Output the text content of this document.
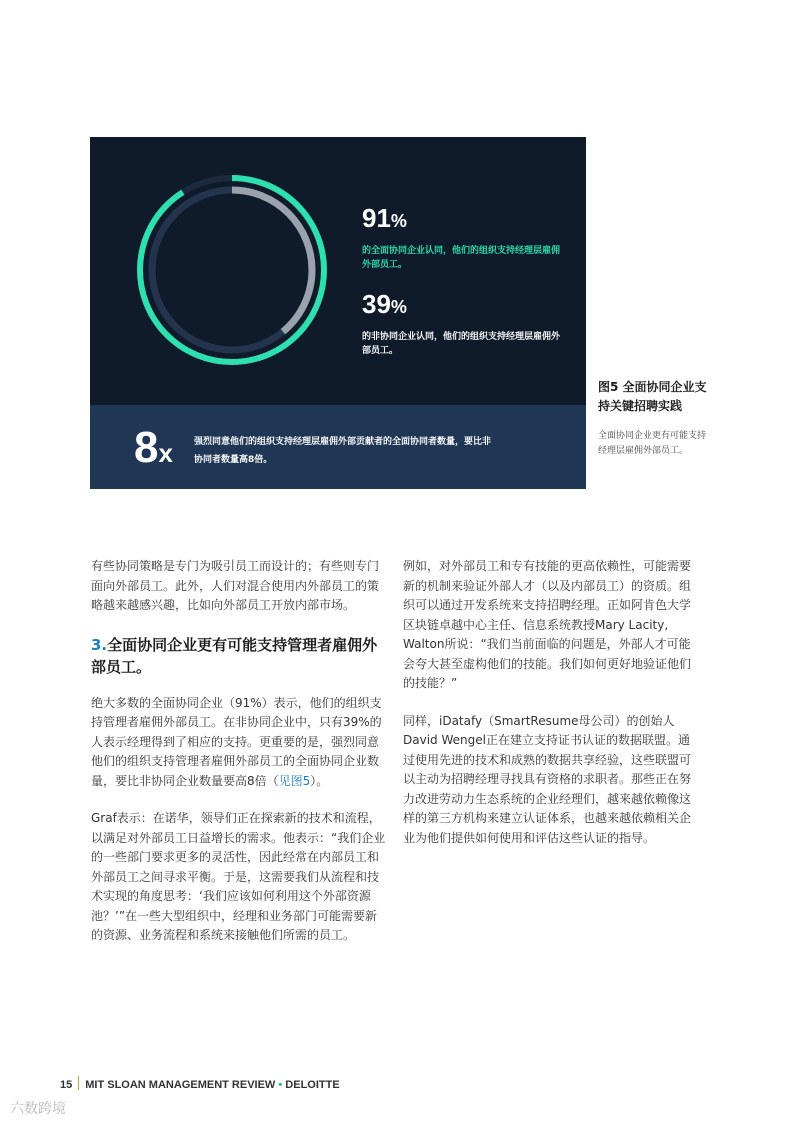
91%
的全面协同企业认同，他们的组织支持经理层雇佣外部员工。
39%
的非协同企业认同，他们的组织支持经理层雇佣外部员工。
8x 强烈同意他们的组织支持经理层雇佣外部贡献者的全面协同者数量，要比非协同者数量高8倍。
图5 全面协同企业支持关键招聘实践
全面协同企业更有可能支持经理层雇佣外部员工。

有些协同策略是专门为吸引员工而设计的；有些则专门面向外部员工。此外，人们对混合使用内外部员工的策略越来越感兴趣，比如向外部员工开放内部市场。

3.全面协同企业更有可能支持管理者雇佣外部员工。

绝大多数的全面协同企业（91%）表示，他们的组织支持管理者雇佣外部员工。在非协同企业中，只有39%的人表示经理得到了相应的支持。更重要的是，强烈同意他们的组织支持管理者雇佣外部员工的全面协同企业数量，要比非协同企业数量要高8倍（见图5）。

Graf表示：在诺华，领导们正在探索新的技术和流程，以满足对外部员工日益增长的需求。他表示：“我们企业的一些部门要求更多的灵活性，因此经常在内部员工和外部员工之间寻求平衡。于是，这需要我们从流程和技术实现的角度思考：‘我们应该如何利用这个外部资源池？’”在一些大型组织中，经理和业务部门可能需要新的资源、业务流程和系统来接触他们所需的员工。

例如，对外部员工和专有技能的更高依赖性，可能需要新的机制来验证外部人才（以及内部员工）的资质。组织可以通过开发系统来支持招聘经理。正如阿肯色大学区块链卓越中心主任、信息系统教授Mary Lacity, Walton所说：“我们当前面临的问题是，外部人才可能会夸大甚至虚构他们的技能。我们如何更好地验证他们的技能？”

同样，iDatafy（SmartResume母公司）的创始人David Wengel正在建立支持证书认证的数据联盟。通过使用先进的技术和成熟的数据共享经验，这些联盟可以主动为招聘经理寻找具有资格的求职者。那些正在努力改进劳动力生态系统的企业经理们，越来越依赖像这样的第三方机构来建立认证体系，也越来越依赖相关企业为他们提供如何使用和评估这些认证的指导。

15 MIT SLOAN MANAGEMENT REVIEW • DELOITTE
六数跨境
